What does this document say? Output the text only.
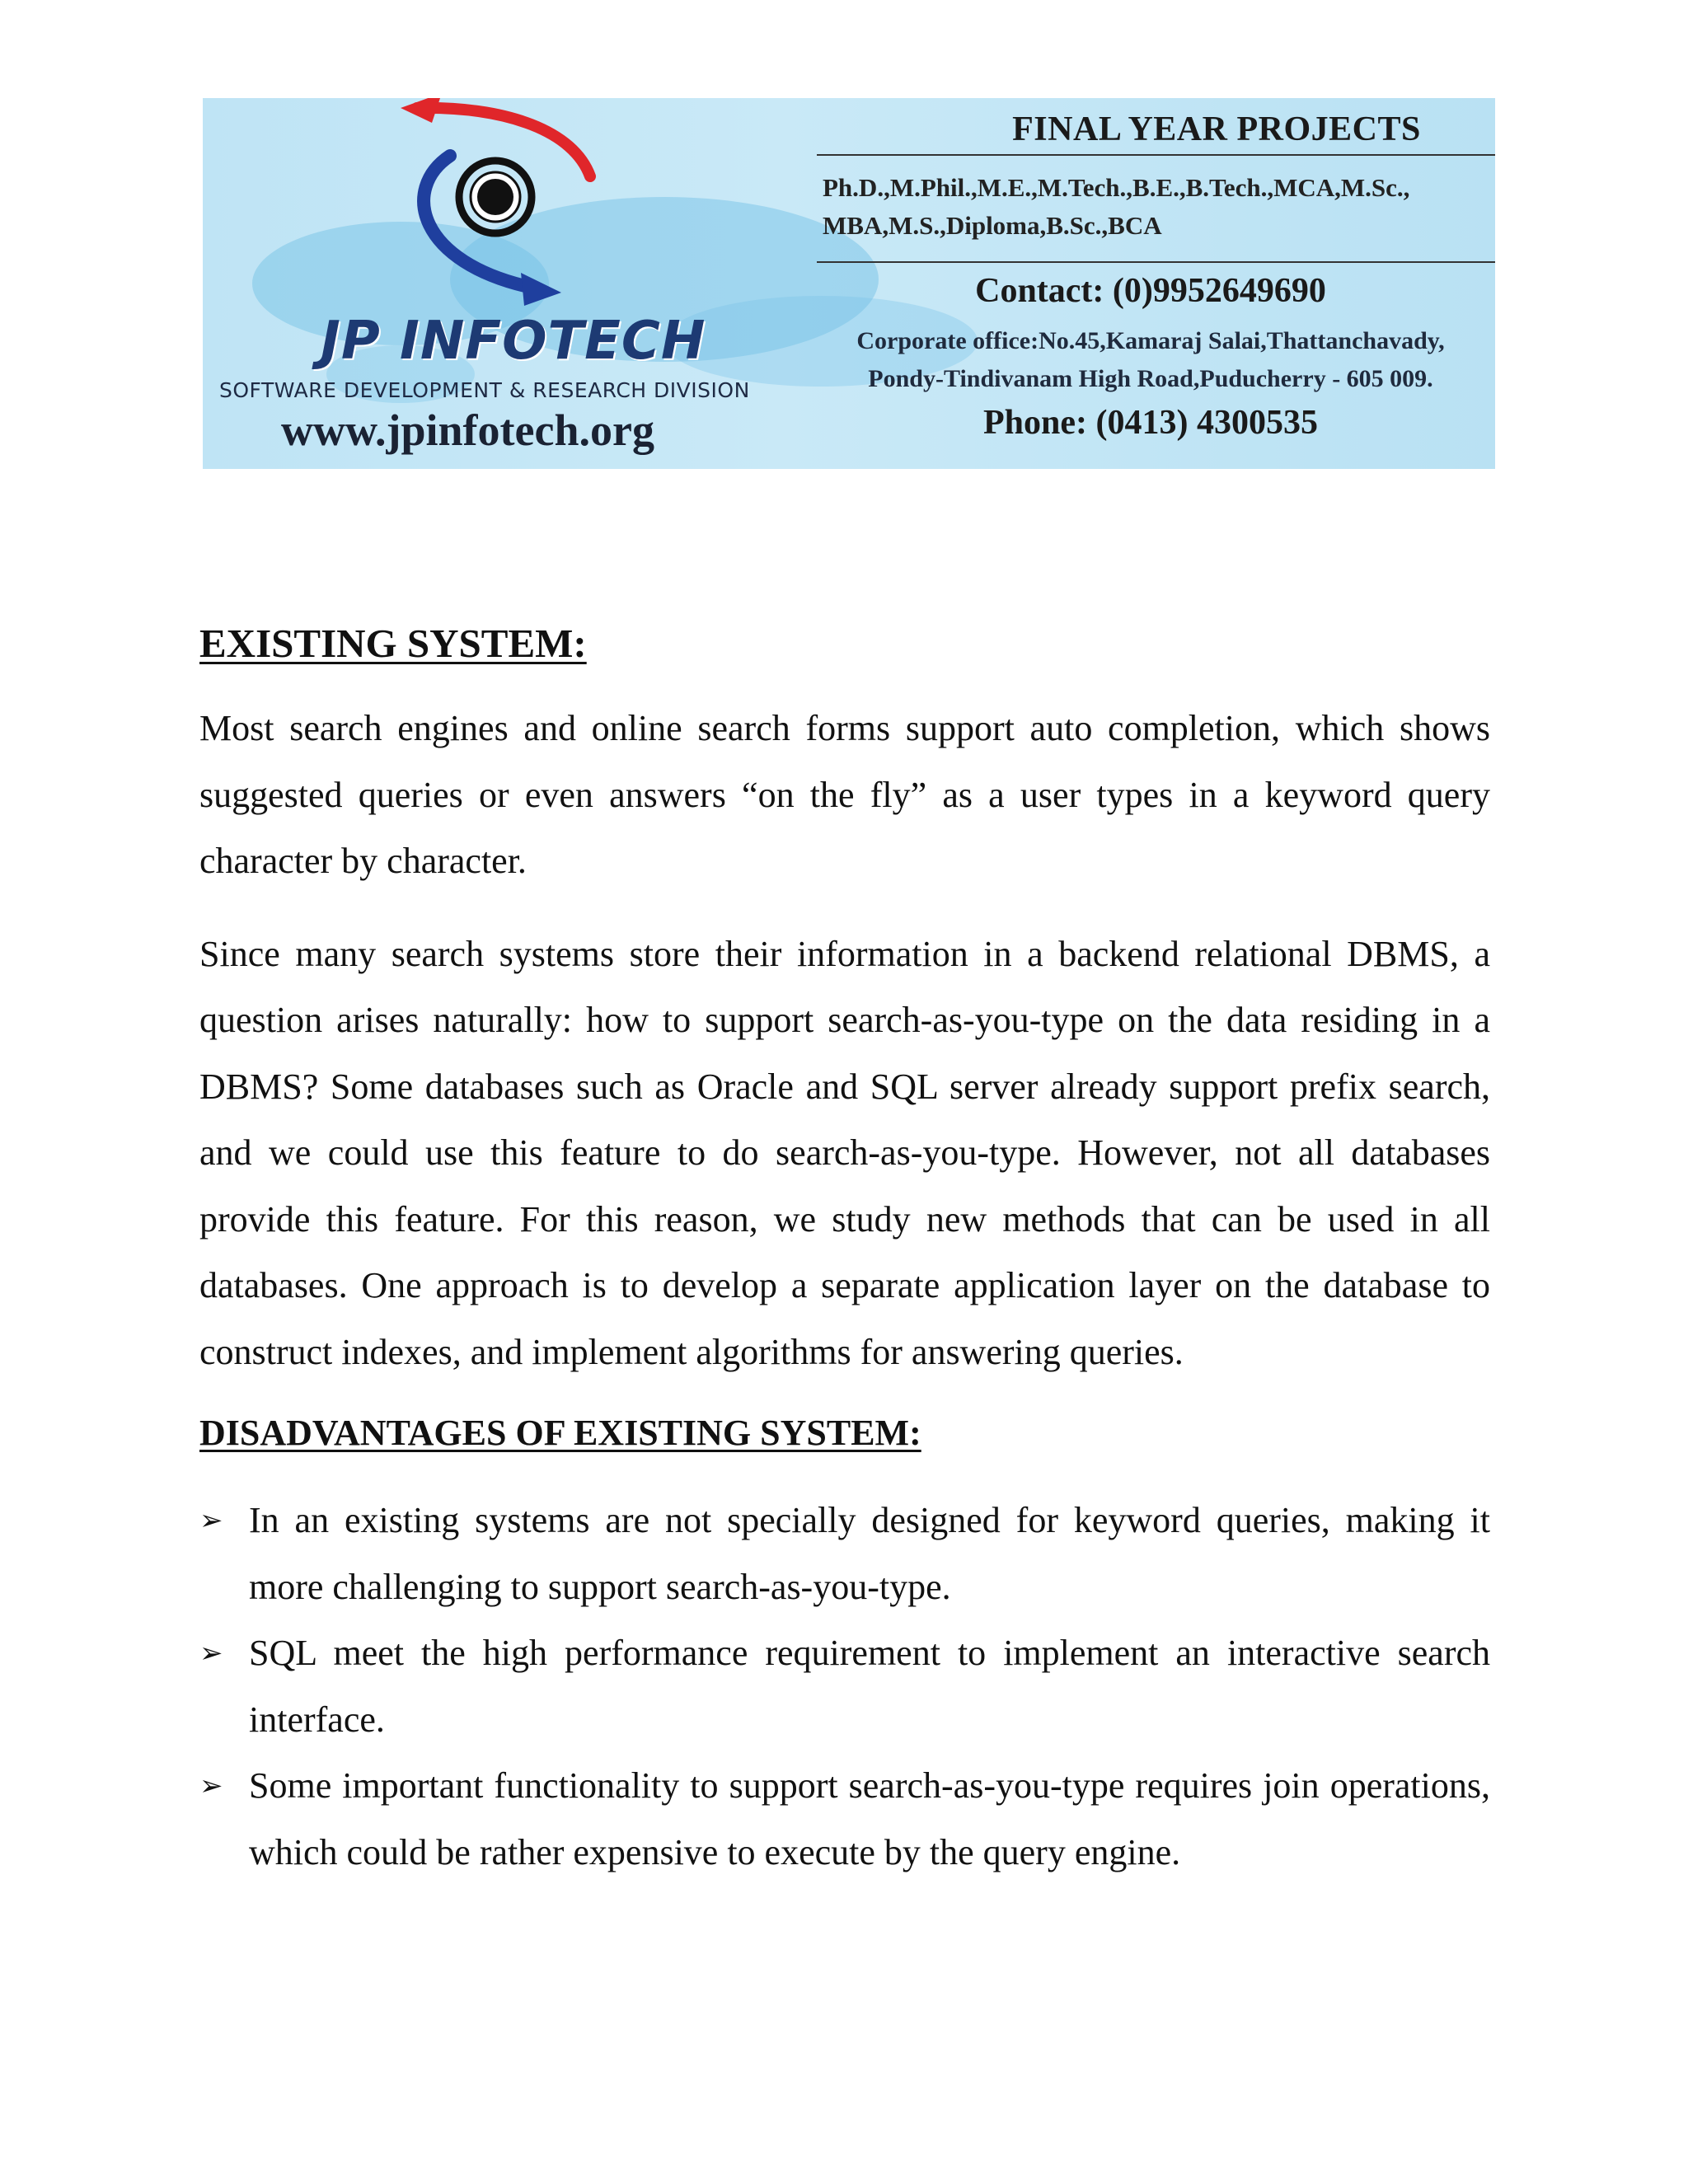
JP INFOTECH
SOFTWARE DEVELOPMENT & RESEARCH DIVISION
www.jpinfotech.org
FINAL YEAR PROJECTS
Ph.D.,M.Phil.,M.E.,M.Tech.,B.E.,B.Tech.,MCA,M.Sc.,
MBA,M.S.,Diploma,B.Sc.,BCA
Contact: (0)9952649690
Corporate office:No.45,Kamaraj Salai,Thattanchavady,
Pondy-Tindivanam High Road,Puducherry - 605 009.
Phone: (0413) 4300535
EXISTING SYSTEM:

Most search engines and online search forms support auto completion, which shows suggested queries or even answers “on the fly” as a user types in a keyword query character by character.

Since many search systems store their information in a backend relational DBMS, a question arises naturally: how to support search-as-you-type on the data residing in a DBMS? Some databases such as Oracle and SQL server already support prefix search, and we could use this feature to do search-as-you-type. However, not all databases provide this feature. For this reason, we study new methods that can be used in all databases. One approach is to develop a separate application layer on the database to construct indexes, and implement algorithms for answering queries.

DISADVANTAGES OF EXISTING SYSTEM:
➢ In an existing systems are not specially designed for keyword queries, making it more challenging to support search-as-you-type.
➢ SQL meet the high performance requirement to implement an interactive search interface.
➢ Some important functionality to support search-as-you-type requires join operations, which could be rather expensive to execute by the query engine.
